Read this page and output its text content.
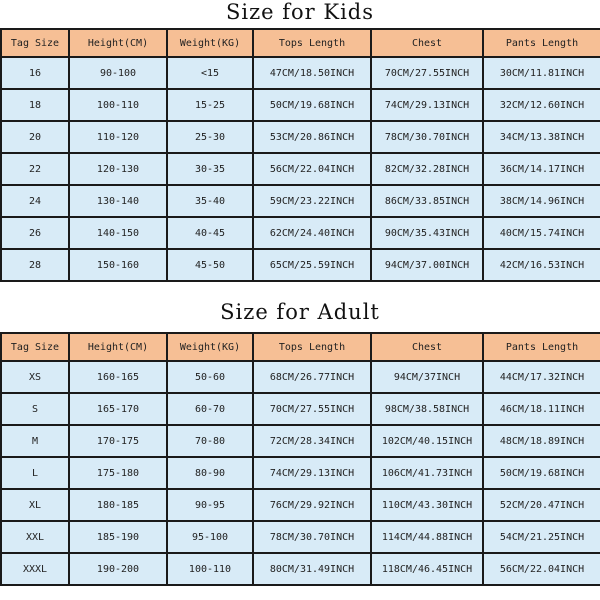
Size for Kids
Tag Size	Height(CM)	Weight(KG)	Tops Length	Chest	Pants Length
16	90-100	<15	47CM/18.50INCH	70CM/27.55INCH	30CM/11.81INCH
18	100-110	15-25	50CM/19.68INCH	74CM/29.13INCH	32CM/12.60INCH
20	110-120	25-30	53CM/20.86INCH	78CM/30.70INCH	34CM/13.38INCH
22	120-130	30-35	56CM/22.04INCH	82CM/32.28INCH	36CM/14.17INCH
24	130-140	35-40	59CM/23.22INCH	86CM/33.85INCH	38CM/14.96INCH
26	140-150	40-45	62CM/24.40INCH	90CM/35.43INCH	40CM/15.74INCH
28	150-160	45-50	65CM/25.59INCH	94CM/37.00INCH	42CM/16.53INCH
Size for Adult
Tag Size	Height(CM)	Weight(KG)	Tops Length	Chest	Pants Length
XS	160-165	50-60	68CM/26.77INCH	94CM/37INCH	44CM/17.32INCH
S	165-170	60-70	70CM/27.55INCH	98CM/38.58INCH	46CM/18.11INCH
M	170-175	70-80	72CM/28.34INCH	102CM/40.15INCH	48CM/18.89INCH
L	175-180	80-90	74CM/29.13INCH	106CM/41.73INCH	50CM/19.68INCH
XL	180-185	90-95	76CM/29.92INCH	110CM/43.30INCH	52CM/20.47INCH
XXL	185-190	95-100	78CM/30.70INCH	114CM/44.88INCH	54CM/21.25INCH
XXXL	190-200	100-110	80CM/31.49INCH	118CM/46.45INCH	56CM/22.04INCH
